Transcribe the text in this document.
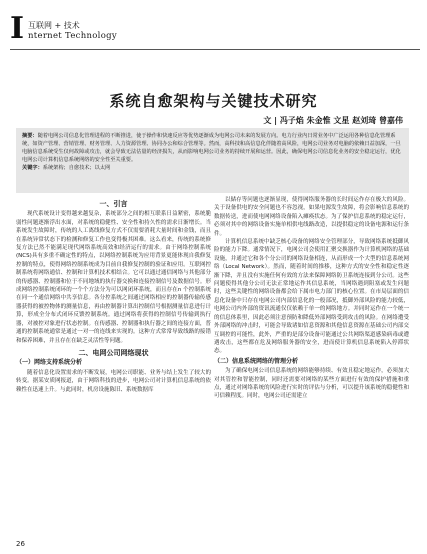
I 互联网 + 技术
nternet Technology
系统自愈架构与关键技术研究
文 | 冯子焰 朱金惟 文星 赵刘琦 曾嘉伟
摘要：随着电网公司信息化管理进程的不断推进，使于操作和快速反应等优势逐渐成为电网公司未来的发展方向。电力行业内日常业务中广泛运用各种信息化管理系统，如资产管理、营销管理、财务管理、人力资源管理、协同办公和综合管理等。然而，高科技和高信息化伴随着高风险，电网公司业务对电脑的依赖日益加深，一旦电脑信息系统受生仅何故障或攻击，就会导致无法估量的经济损失，从而影响电网公司业务的持续开展和运营。因此，确保电网公司信息化业务的安全稳定运行，优化电网公司计算机信息系统网络的安全性至关重要。
关键字：系统架构；自愈技术；以太网
一、引言

现代系统设计变得越来越复杂，系统部分之间的相互联系日益紧密，系统脆弱性问题逐渐浮出水面，对系统的稳健性、安全性和持久性的需求日渐增长。当系统发生故障时，传统的人工离线修复方式不仅需要消耗大量时间和金钱，而且在系统异常状态下的检测和修复工作也变得极其困难。这么看来，传统的系统修复方法已然不能满足现代网络系统高效和经济运行的需求。由于网络控制系统(NCS)具有多重不确定性的特点，以网络控制系统为应用背景更能体现自我修复控制的特点，使得网络控制系统成为目前自我修复控制的验证和应用。互联网控制系统将网络通信、控制和计算机技术相结合。它可以通过通信网络与其他部分的传感器、控制器和位于不同地域的执行器交换和连接控制信号及数据信号。形成网络控制系统闭环的一个个方法分为可以网闭环系统，而且存在n 个控制系统在同一个通信网络中共享信息。各分控系统之间通过网络相应的控制器传输传感器获得的被控物体的测量信息，再由控制器计算出控制信号根据测量信息进行计算，形成全分布式闭环反馈控制系统。通过网络将获得的控制信号传输到执行器，对被控对象进行状态控制。在传感器、控制器和执行器之间的连接方面，普通的控制系统通常是通过一对一的连线来实现的。这种方式常常导致线路的接错和保养困难，并且存在在缺乏灵活性等问题。

二、电网公司网络现状
（一）网络支持系统分析

随着信息化设置需求的不断发展，电网公司职能、业务与结上发生了较大的转变。据某安质网报道，由于网络科技的进步，电网公司对计算机信息系统的依赖性在迅速上升。与此同时，机房设施陈旧、系统数据库

以储存等问题也逐渐显现，使得网络服务器的长时间运作存在极大的风险。关于设备供电的安全问题也不容忽视，如果电源发生故障，将会影响信息系统的数据传送，进而使电网网络设备陷入瘫痪状态。为了保护信息系统的稳定运行，必须对其中的网络设备实施单相供电线路改造，以提供稳定的设备电源和运行条件。

计算机信息系统中缺乏核心设备的网络安全管理部分，导致网络系统抵御风险的能力下降。通常情况下，电网公司会使用汇聚交换器作为计算机网络的基础设施，并通过它和各个分公司的网络设备相连，从而形成一个大型的信息系统网络（Local Network）。然而，随着时间的推移，这种方式的安全性和稳定性逐渐下降，并且没有实施任何有效的方法来保障网络防卫系统连接到分公司。这些问题使得其他分公司无法正常地运作其信息系统，当网络遇到阻塞或发生问题时，这些关键性的网络设备都会给下属市电力部门的核心位置。在市局层面的信息化设备中只存在电网公司内部信息化的一般部况，抵御外部风险的能力较低，电网公司内外部的资讯流通仅仅依赖于单一的网络地方。并同时运作在一个统一的信息体系里，因此必须注意预防和降低外部网络受到攻击的风险。在网络遭受外部网络的冲击时，可能会导致诸如信息资源和其他信息资源在基础公司内部交互调控的可能性，此外，严重的是部分设备可能通过公共网络渠道感染病毒或遭遇攻击，这些都在危及网络服务器的安全，进而使计算机信息系统陷入停滞状态。

（二）信息系统网络的管理分析

为了确保电网公司信息系统的网络能够持续、有效且稳定地运作，必须加大对其管控和智能控制，同时还需要对网络的某些方面进行有效的保护措施和重点，通过对网络系统的风险进行实时的评估与分析，可以提升该系统的稳健性和可信赖程度。同时，电网公司还需建立

26
